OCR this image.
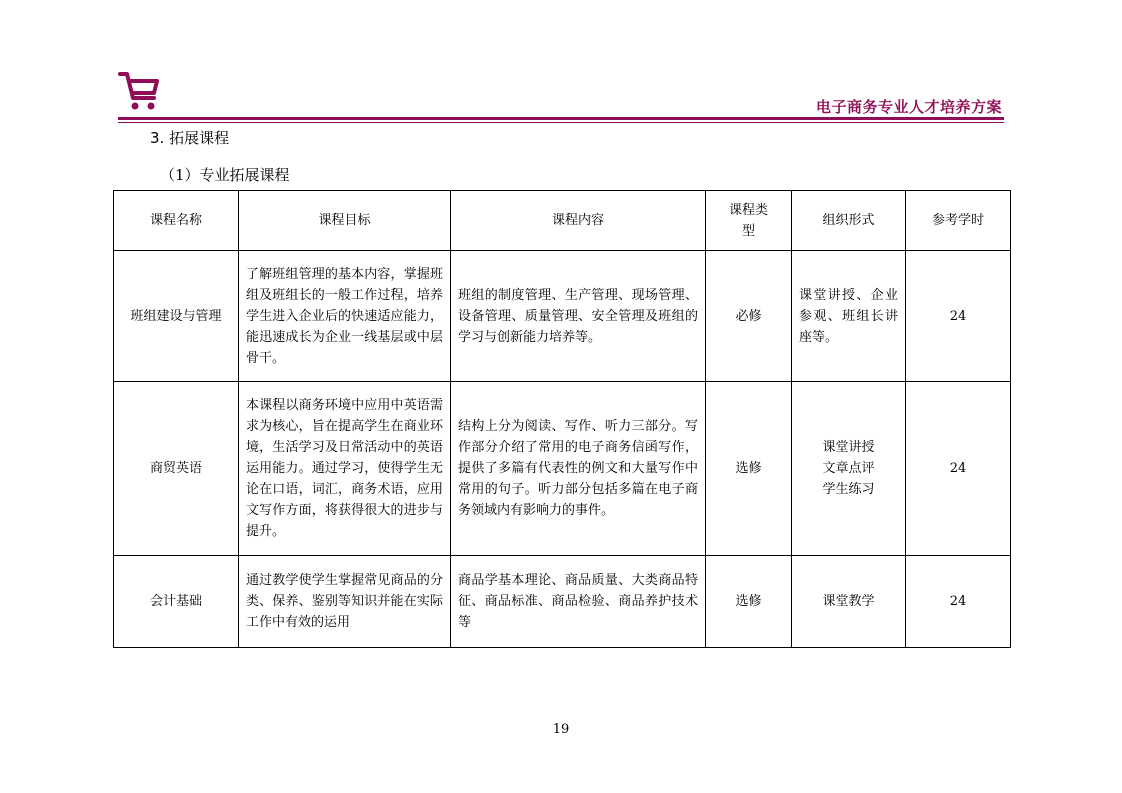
电子商务专业人才培养方案
3. 拓展课程
（1）专业拓展课程
课程名称	课程目标	课程内容	课程类型	组织形式	参考学时
班组建设与管理	了解班组管理的基本内容，掌握班组及班组长的一般工作过程，培养学生进入企业后的快速适应能力，能迅速成长为企业一线基层或中层骨干。	班组的制度管理、生产管理、现场管理、设备管理、质量管理、安全管理及班组的学习与创新能力培养等。	必修	课堂讲授、企业参观、班组长讲座等。	24
商贸英语	本课程以商务环境中应用中英语需求为核心，旨在提高学生在商业环境，生活学习及日常活动中的英语运用能力。通过学习，使得学生无论在口语，词汇，商务术语，应用文写作方面，将获得很大的进步与提升。	结构上分为阅读、写作、听力三部分。写作部分介绍了常用的电子商务信函写作，提供了多篇有代表性的例文和大量写作中常用的句子。听力部分包括多篇在电子商务领域内有影响力的事件。	选修	课堂讲授
文章点评
学生练习	24
会计基础	通过教学使学生掌握常见商品的分类、保养、鉴别等知识并能在实际工作中有效的运用	商品学基本理论、商品质量、大类商品特征、商品标准、商品检验、商品养护技术等	选修	课堂教学	24
19
